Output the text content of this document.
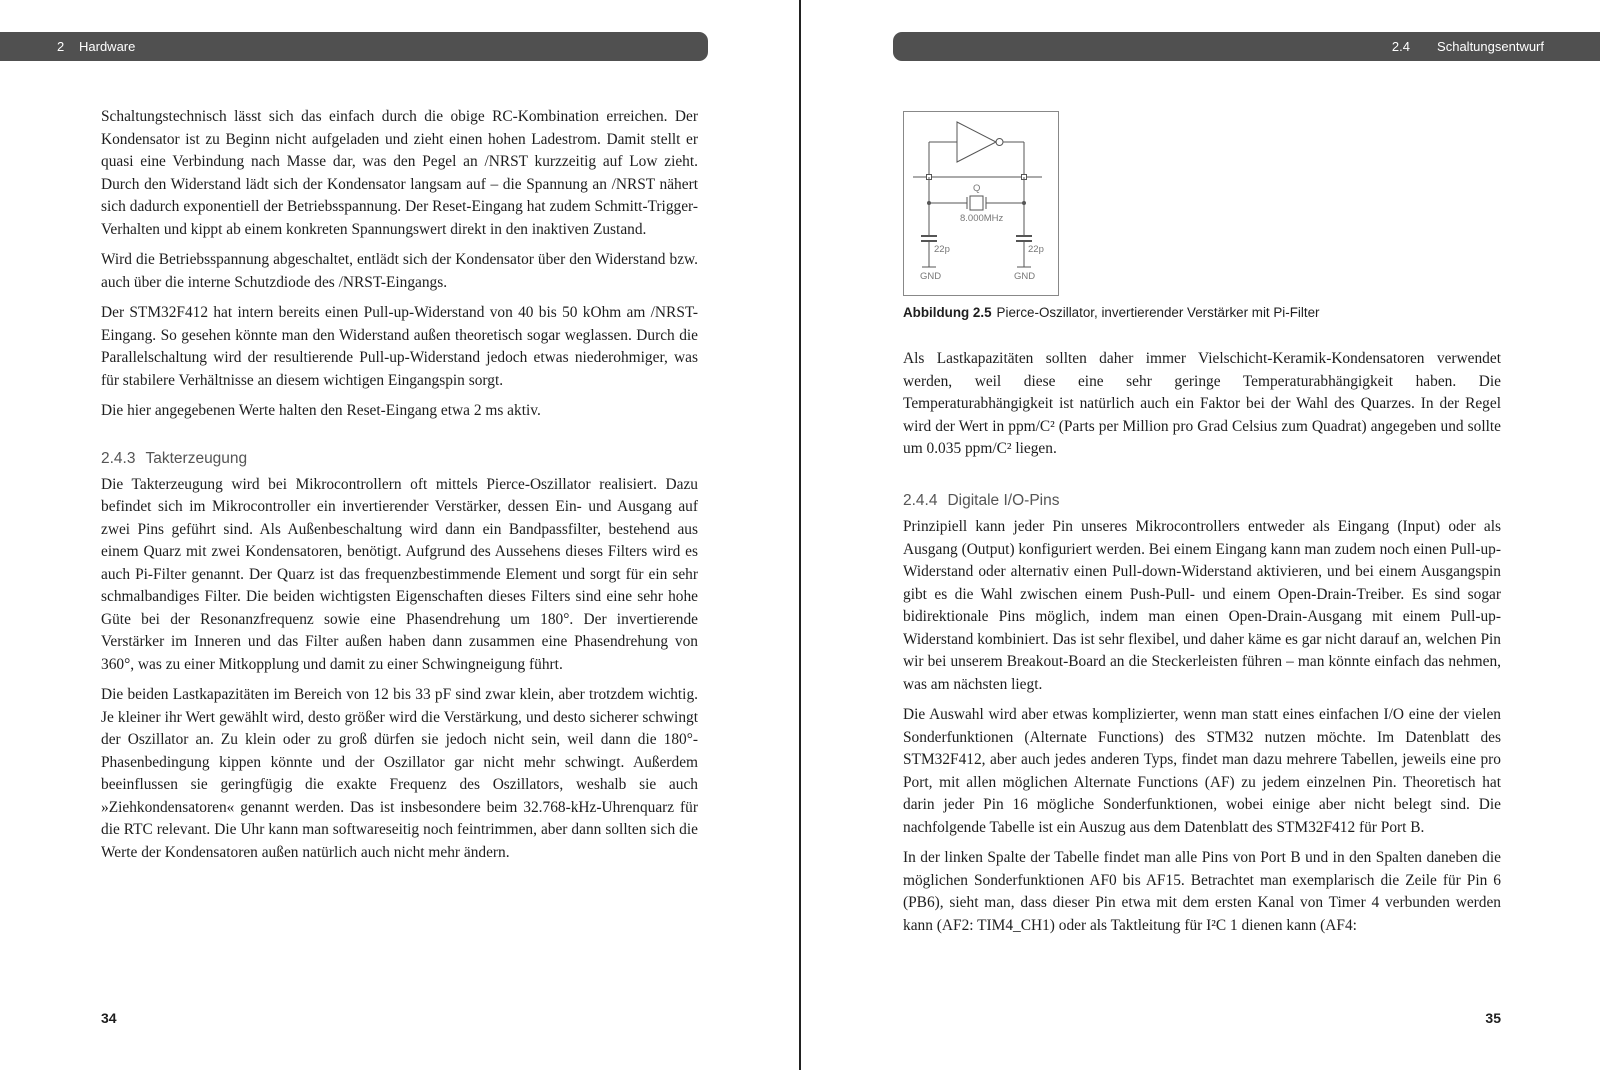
2 Hardware

Schaltungstechnisch lässt sich das einfach durch die obige RC-Kombination erreichen. Der Kondensator ist zu Beginn nicht aufgeladen und zieht einen hohen Ladestrom. Damit stellt er quasi eine Verbindung nach Masse dar, was den Pegel an /NRST kurzzeitig auf Low zieht. Durch den Widerstand lädt sich der Kondensator langsam auf – die Spannung an /NRST nähert sich dadurch exponentiell der Betriebsspannung. Der Reset-Eingang hat zudem Schmitt-Trigger-Verhalten und kippt ab einem konkreten Spannungswert direkt in den inaktiven Zustand.

Wird die Betriebsspannung abgeschaltet, entlädt sich der Kondensator über den Widerstand bzw. auch über die interne Schutzdiode des /NRST-Eingangs.

Der STM32F412 hat intern bereits einen Pull-up-Widerstand von 40 bis 50 kOhm am /NRST-Eingang. So gesehen könnte man den Widerstand außen theoretisch sogar weglassen. Durch die Parallelschaltung wird der resultierende Pull-up-Widerstand jedoch etwas niederohmiger, was für stabilere Verhältnisse an diesem wichtigen Eingangspin sorgt.

Die hier angegebenen Werte halten den Reset-Eingang etwa 2 ms aktiv.

2.4.3 Takterzeugung

Die Takterzeugung wird bei Mikrocontrollern oft mittels Pierce-Oszillator realisiert. Dazu befindet sich im Mikrocontroller ein invertierender Verstärker, dessen Ein- und Ausgang auf zwei Pins geführt sind. Als Außenbeschaltung wird dann ein Bandpassfilter, bestehend aus einem Quarz mit zwei Kondensatoren, benötigt. Aufgrund des Aussehens dieses Filters wird es auch Pi-Filter genannt. Der Quarz ist das frequenzbestimmende Element und sorgt für ein sehr schmalbandiges Filter. Die beiden wichtigsten Eigenschaften dieses Filters sind eine sehr hohe Güte bei der Resonanzfrequenz sowie eine Phasendrehung um 180°. Der invertierende Verstärker im Inneren und das Filter außen haben dann zusammen eine Phasendrehung von 360°, was zu einer Mitkopplung und damit zu einer Schwingneigung führt.

Die beiden Lastkapazitäten im Bereich von 12 bis 33 pF sind zwar klein, aber trotzdem wichtig. Je kleiner ihr Wert gewählt wird, desto größer wird die Verstärkung, und desto sicherer schwingt der Oszillator an. Zu klein oder zu groß dürfen sie jedoch nicht sein, weil dann die 180°-Phasenbedingung kippen könnte und der Oszillator gar nicht mehr schwingt. Außerdem beeinflussen sie geringfügig die exakte Frequenz des Oszillators, weshalb sie auch »Ziehkondensatoren« genannt werden. Das ist insbesondere beim 32.768-kHz-Uhrenquarz für die RTC relevant. Die Uhr kann man softwareseitig noch feintrimmen, aber dann sollten sich die Werte der Kondensatoren außen natürlich auch nicht mehr ändern.

34
2.4 Schaltungsentwurf
Q
8.000MHz
22p	22p
GND	GND
Abbildung 2.5 Pierce-Oszillator, invertierender Verstärker mit Pi-Filter

Als Lastkapazitäten sollten daher immer Vielschicht-Keramik-Kondensatoren verwendet werden, weil diese eine sehr geringe Temperaturabhängigkeit haben. Die Temperaturabhängigkeit ist natürlich auch ein Faktor bei der Wahl des Quarzes. In der Regel wird der Wert in ppm/C² (Parts per Million pro Grad Celsius zum Quadrat) angegeben und sollte um 0.035 ppm/C² liegen.

2.4.4 Digitale I/O-Pins

Prinzipiell kann jeder Pin unseres Mikrocontrollers entweder als Eingang (Input) oder als Ausgang (Output) konfiguriert werden. Bei einem Eingang kann man zudem noch einen Pull-up-Widerstand oder alternativ einen Pull-down-Widerstand aktivieren, und bei einem Ausgangspin gibt es die Wahl zwischen einem Push-Pull- und einem Open-Drain-Treiber. Es sind sogar bidirektionale Pins möglich, indem man einen Open-Drain-Ausgang mit einem Pull-up-Widerstand kombiniert. Das ist sehr flexibel, und daher käme es gar nicht darauf an, welchen Pin wir bei unserem Breakout-Board an die Steckerleisten führen – man könnte einfach das nehmen, was am nächsten liegt.

Die Auswahl wird aber etwas komplizierter, wenn man statt eines einfachen I/O eine der vielen Sonderfunktionen (Alternate Functions) des STM32 nutzen möchte. Im Datenblatt des STM32F412, aber auch jedes anderen Typs, findet man dazu mehrere Tabellen, jeweils eine pro Port, mit allen möglichen Alternate Functions (AF) zu jedem einzelnen Pin. Theoretisch hat darin jeder Pin 16 mögliche Sonderfunktionen, wobei einige aber nicht belegt sind. Die nachfolgende Tabelle ist ein Auszug aus dem Datenblatt des STM32F412 für Port B.

In der linken Spalte der Tabelle findet man alle Pins von Port B und in den Spalten daneben die möglichen Sonderfunktionen AF0 bis AF15. Betrachtet man exemplarisch die Zeile für Pin 6 (PB6), sieht man, dass dieser Pin etwa mit dem ersten Kanal von Timer 4 verbunden werden kann (AF2: TIM4_CH1) oder als Taktleitung für I²C 1 dienen kann (AF4:

35
